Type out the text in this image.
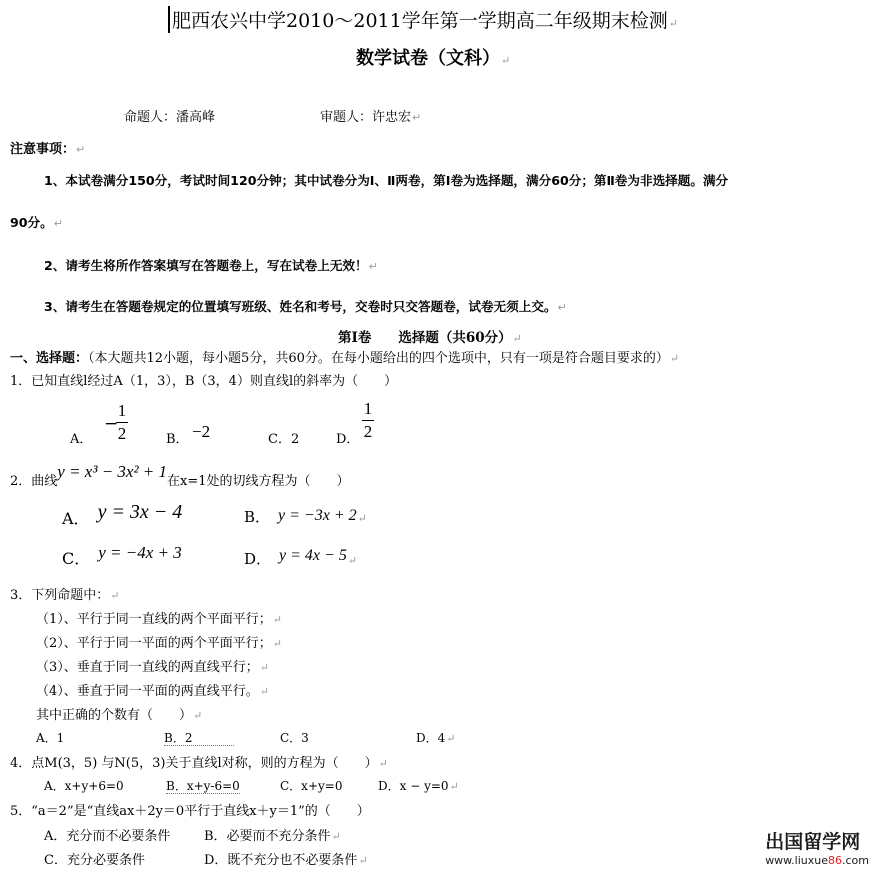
肥西农兴中学2010～2011学年第一学期高二年级期末检测↵
数学试卷（文科）↵
命题人：潘高峰	审题人：许忠宏↵
注意事项：↵
1、本试卷满分150分，考试时间120分钟；其中试卷分为Ⅰ、Ⅱ两卷，第Ⅰ卷为选择题，满分60分；第Ⅱ卷为非选择题。满分
90分。↵
2、请考生将所作答案填写在答题卷上，写在试卷上无效！↵
3、请考生在答题卷规定的位置填写班级、姓名和考号，交卷时只交答题卷，试卷无须上交。↵
第Ⅰ卷　　选择题（共60分）↵
一、选择题：（本大题共12小题，每小题5分，共60分。在每小题给出的四个选项中，只有一项是符合题目要求的）↵
1．已知直线l经过A（1，3），B（3，4）则直线l的斜率为（　　）
A．
−
1
2	B． −2	C．2	D．
1
2
2．曲线y = x³ − 3x² + 1在x=1处的切线方程为（　　）
A． y = 3x − 4	B． y = −3x + 2↵
C． y = −4x + 3	D． y = 4x − 5↵
3．下列命题中：↵
（1）、平行于同一直线的两个平面平行；↵
（2）、平行于同一平面的两个平面平行；↵
（3）、垂直于同一直线的两直线平行；↵
（4）、垂直于同一平面的两直线平行。↵
其中正确的个数有（　　）↵
A．1	B．2	C．3	D．4↵
4．点M(3，5) 与N(5，3)关于直线l对称，则的方程为（　　）↵
A．x+y+6=0	B．x+y-6=0	C．x+y=0	D．x − y=0↵
5．“a＝2”是“直线ax＋2y＝0平行于直线x＋y＝1”的（　　）
A．充分而不必要条件	B．必要而不充分条件↵
C．充分必要条件	D．既不充分也不必要条件↵
出国留学网
www.liuxue86.com
